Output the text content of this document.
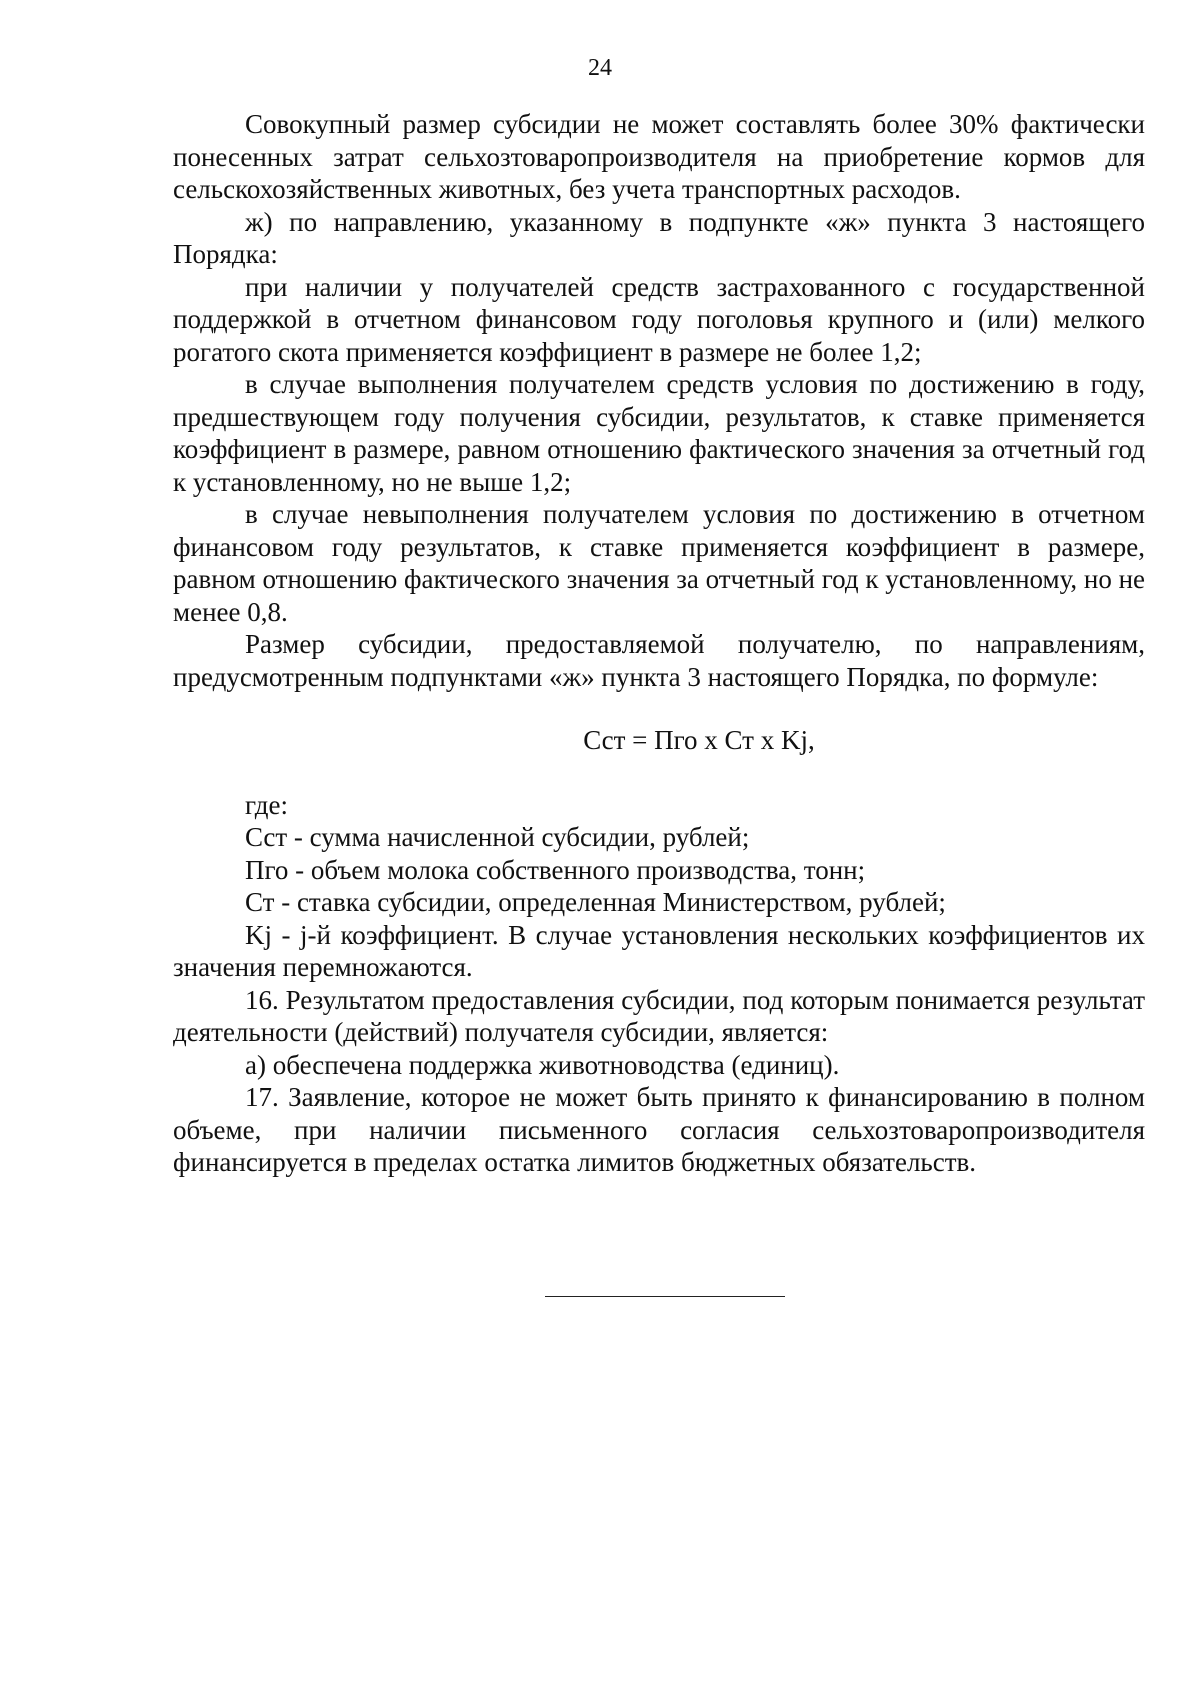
24

Совокупный размер субсидии не может составлять более 30% фактически понесенных затрат сельхозтоваропроизводителя на приобретение кормов для сельскохозяйственных животных, без учета транспортных расходов.

ж) по направлению, указанному в подпункте «ж» пункта 3 настоящего Порядка:

при наличии у получателей средств застрахованного с государственной поддержкой в отчетном финансовом году поголовья крупного и (или) мелкого рогатого скота применяется коэффициент в размере не более 1,2;

в случае выполнения получателем средств условия по достижению в году, предшествующем году получения субсидии, результатов, к ставке применяется коэффициент в размере, равном отношению фактического значения за отчетный год к установленному, но не выше 1,2;

в случае невыполнения получателем условия по достижению в отчетном финансовом году результатов, к ставке применяется коэффициент в размере, равном отношению фактического значения за отчетный год к установленному, но не менее 0,8.

Размер субсидии, предоставляемой получателю, по направлениям, предусмотренным подпунктами «ж» пункта 3 настоящего Порядка, по формуле:

Сст = Пго х Ст х Kj,

где:

Сст - сумма начисленной субсидии, рублей;

Пго - объем молока собственного производства, тонн;

Ст - ставка субсидии, определенная Министерством, рублей;

Kj - j-й коэффициент. В случае установления нескольких коэффициентов их значения перемножаются.

16. Результатом предоставления субсидии, под которым понимается результат деятельности (действий) получателя субсидии, является:

а) обеспечена поддержка животноводства (единиц).

17. Заявление, которое не может быть принято к финансированию в полном объеме, при наличии письменного согласия сельхозтоваропроизводителя финансируется в пределах остатка лимитов бюджетных обязательств.
